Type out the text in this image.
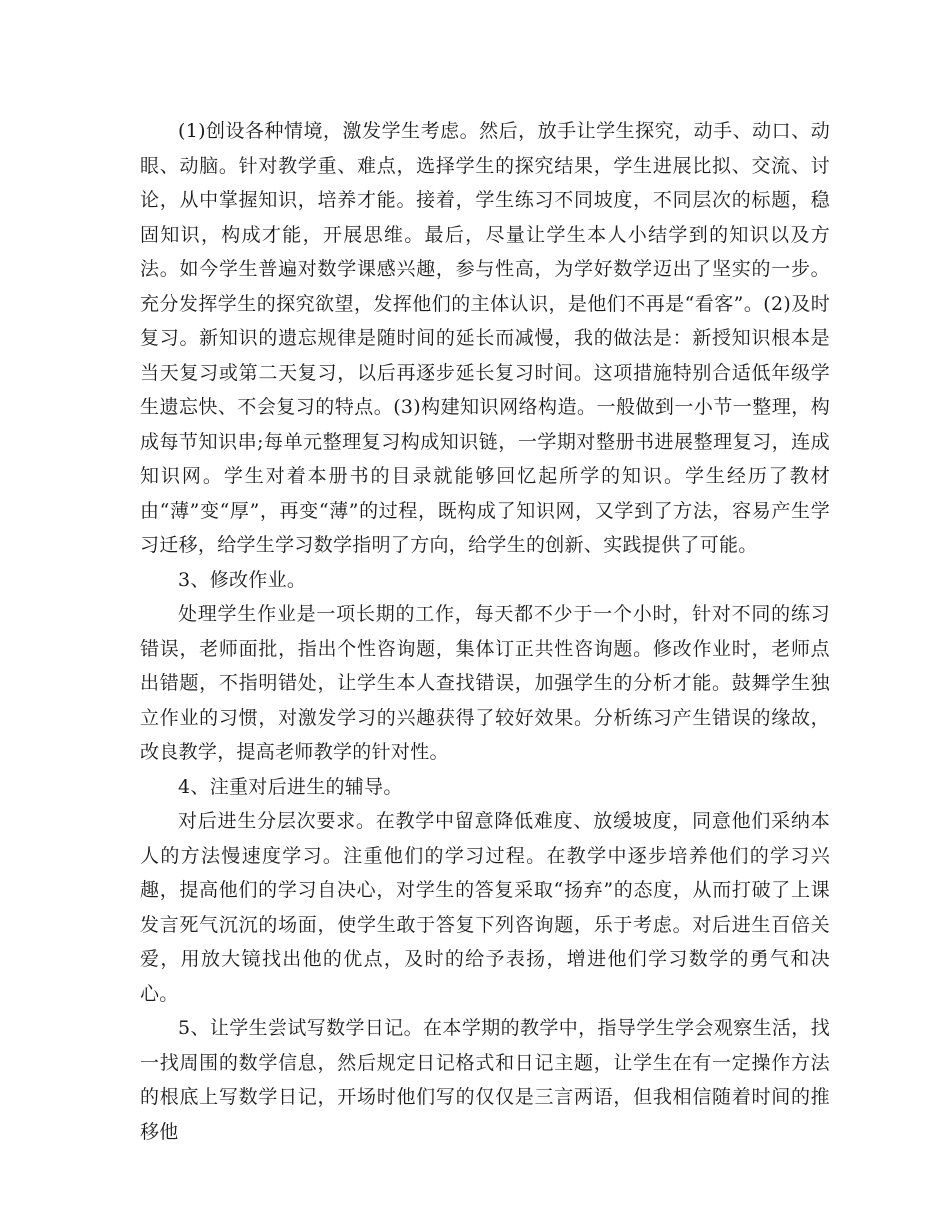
(1)创设各种情境，激发学生考虑。然后，放手让学生探究，动手、动口、动眼、动脑。针对教学重、难点，选择学生的探究结果，学生进展比拟、交流、讨论，从中掌握知识，培养才能。接着，学生练习不同坡度，不同层次的标题，稳固知识，构成才能，开展思维。最后，尽量让学生本人小结学到的知识以及方法。如今学生普遍对数学课感兴趣，参与性高，为学好数学迈出了坚实的一步。充分发挥学生的探究欲望，发挥他们的主体认识，是他们不再是“看客”。(2)及时复习。新知识的遗忘规律是随时间的延长而减慢，我的做法是：新授知识根本是当天复习或第二天复习，以后再逐步延长复习时间。这项措施特别合适低年级学生遗忘快、不会复习的特点。(3)构建知识网络构造。一般做到一小节一整理，构成每节知识串;每单元整理复习构成知识链，一学期对整册书进展整理复习，连成知识网。学生对着本册书的目录就能够回忆起所学的知识。学生经历了教材由“薄”变“厚”，再变“薄”的过程，既构成了知识网，又学到了方法，容易产生学习迁移，给学生学习数学指明了方向，给学生的创新、实践提供了可能。

3、修改作业。

处理学生作业是一项长期的工作，每天都不少于一个小时，针对不同的练习错误，老师面批，指出个性咨询题，集体订正共性咨询题。修改作业时，老师点出错题，不指明错处，让学生本人查找错误，加强学生的分析才能。鼓舞学生独立作业的习惯，对激发学习的兴趣获得了较好效果。分析练习产生错误的缘故，改良教学，提高老师教学的针对性。

4、注重对后进生的辅导。

对后进生分层次要求。在教学中留意降低难度、放缓坡度，同意他们采纳本人的方法慢速度学习。注重他们的学习过程。在教学中逐步培养他们的学习兴趣，提高他们的学习自决心，对学生的答复采取“扬弃”的态度，从而打破了上课发言死气沉沉的场面，使学生敢于答复下列咨询题，乐于考虑。对后进生百倍关爱，用放大镜找出他的优点，及时的给予表扬，增进他们学习数学的勇气和决心。

5、让学生尝试写数学日记。在本学期的教学中，指导学生学会观察生活，找一找周围的数学信息，然后规定日记格式和日记主题，让学生在有一定操作方法的根底上写数学日记，开场时他们写的仅仅是三言两语，但我相信随着时间的推移他
